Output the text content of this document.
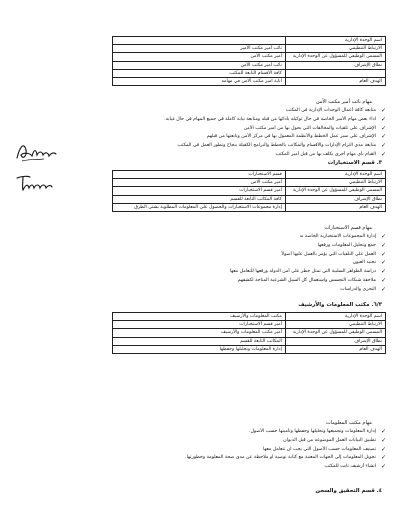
اسم الوحدة الإدارية	
الارتباط التنظيمي	نائب أمير مكتب الأمير
المسمى الوظيفي للمسؤول عن الوحدة الإدارية	أمير مكتب الأمن
نطاق الإشراف	نائب أمير مكتب الأمن
	كافة الأقسام التابعة للمكتب
الهدف العام	انابة امير مكتب الامن في مهامه
مهام نائب أمير مكتب الأمن
✓
متابعة كافة أعمال الوحدات الإدارية في المكتب
✓
اداء بعض مهام الأمير الخاصة في حال توكيله بأدائها من قبله ومتابعة نيابة كاملة في جميع المهام في حال غيابه.
✓
الإشراف على تلقيات والمخالفات التي يحول بها من أمير مكتب الأمن
✓
الإشراف على سير عمل الخطط والأنظمة المعمول بها في مركز الأمن وتابعتها من قبلهم
✓
متابعة مدى التزام الإدارات والأقسام والمكاتب بالخطط والبرامج الكفيلة بنجاح وتطور العمل في المكتب
✓
القيام بأي مهام أخرى يكلف بها من قبل أمير المكتب
٣. قسم الاستخبارات
اسم الوحدة الإدارية	قسم الاستخبارات
الارتباط التنظيمي	أمير مكتب الامن
المسمى الوظيفي للمسؤول عن الوحدة الإدارية	أمير قسم الاستخبارات
نطاق الإشراف	كافة المكاتب التابعة للقسم
الهدف العام	إدارة مجموعات الاستخبارات والحصول على المعلومات المطلوبة بشتى الطرق
مهام قسم الاستخبارات
✓
إدارة المجموعات الاستخبارية الخاصة به
✓
جمع وتحليل المعلومات ورفعها
✓
العمل على التلقيات التي يؤمر بالعمل عليها أصولاً
✓
تجنيد العيون
✓
دراسة الظواهر السلبية التي تمثل خطر على أمن الدولة ورفعها للتعامل معها
✓
ملاحقة شبكات التجسس واستعمال كل السبل الشرعية المتاحة لكشفهم
✓
التحري والدراسات
٦/٣. مكتب المعلومات والأرشيف
اسم الوحدة الإدارية	مكتب المعلومات والأرشيف
الارتباط التنظيمي	أمير قسم الاستخبارات
المسمى الوظيفي للمسؤول عن الوحدة الإدارية	أمير مكتب المعلومات والأرشيف
نطاق الإشراف	المكاتب التابعة للقسم
الهدف العام	إدارة المعلومات وتحليلها وحفظها
مهام مكتب المعلومات
✓
إدارة المعلومات وتجميعها وتحليلها وحفظها وتأمينها حسب الأصول.
✓
تطبيق البيانات العمل الموضوعة من قبل الديوان
✓
تصنيف المعلومات حسب الأصول التي يجب ان تتعامل معها
✓
تحويل المعلومات إلى الجهات المعنية مع كتابة توصية او ملاحظة عن مدى صحة المعلومة وخطورتها.
✓
انشاء أرشيف ثابت للمكتب
٤. قسم التحقيق والسجن
